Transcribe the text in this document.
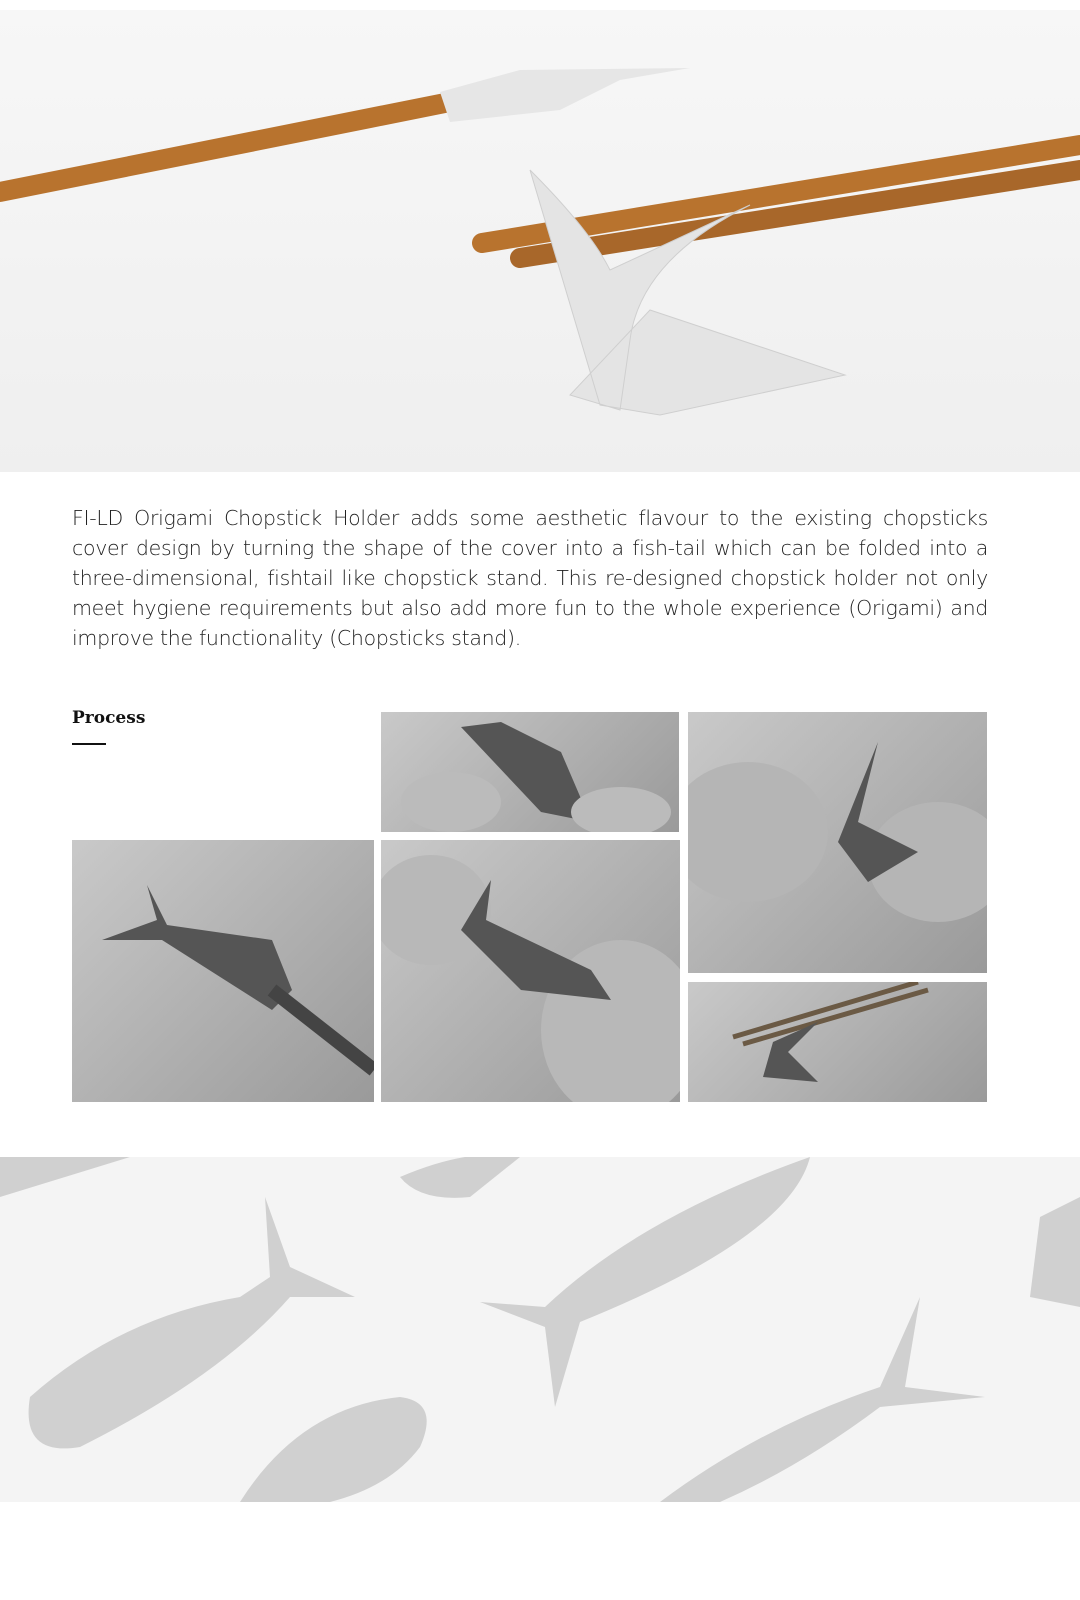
FI-LD Origami Chopstick Holder adds some aesthetic flavour to the existing chopsticks cover design by turning the shape of the cover into a fish-tail which can be folded into a three-dimensional, fishtail like chopstick stand. This re-designed chopstick holder not only meet hygiene requirements but also add more fun to the whole experience (Origami) and improve the functionality (Chopsticks stand).

Process
